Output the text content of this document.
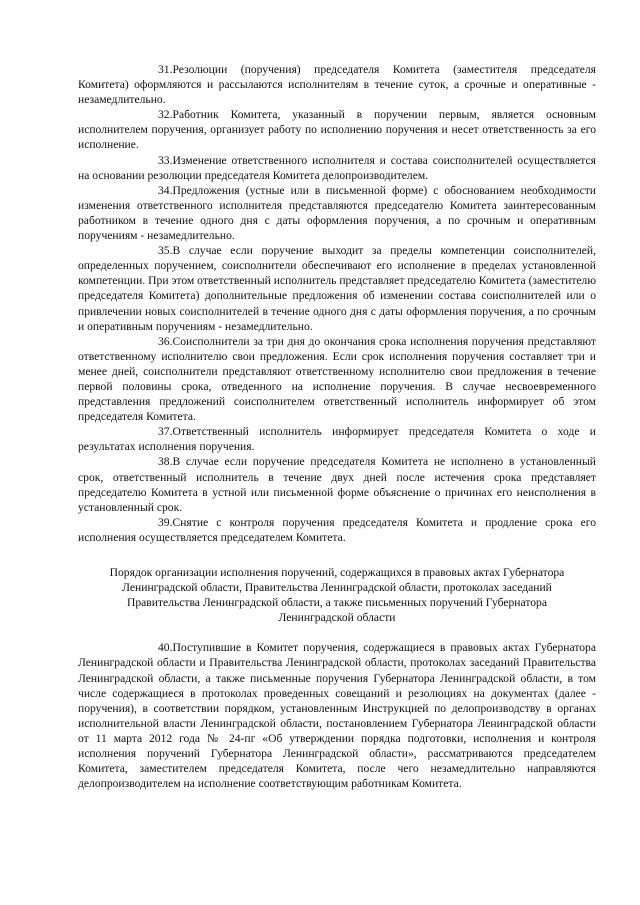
31.Резолюции (поручения) председателя Комитета (заместителя председателя Комитета) оформляются и рассылаются исполнителям в течение суток, а срочные и оперативные - незамедлительно.

32.Работник Комитета, указанный в поручении первым, является основным исполнителем поручения, организует работу по исполнению поручения и несет ответственность за его исполнение.

33.Изменение ответственного исполнителя и состава соисполнителей осуществляется на основании резолюции председателя Комитета делопроизводителем.

34.Предложения (устные или в письменной форме) с обоснованием необходимости изменения ответственного исполнителя представляются председателю Комитета заинтересованным работником в течение одного дня с даты оформления поручения, а по срочным и оперативным поручениям - незамедлительно.

35.В случае если поручение выходит за пределы компетенции соисполнителей, определенных поручением, соисполнители обеспечивают его исполнение в пределах установленной компетенции. При этом ответственный исполнитель представляет председателю Комитета (заместителю председателя Комитета) дополнительные предложения об изменении состава соисполнителей или о привлечении новых соисполнителей в течение одного дня с даты оформления поручения, а по срочным и оперативным поручениям - незамедлительно.

36.Соисполнители за три дня до окончания срока исполнения поручения представляют ответственному исполнителю свои предложения. Если срок исполнения поручения составляет три и менее дней, соисполнители представляют ответственному исполнителю свои предложения в течение первой половины срока, отведенного на исполнение поручения. В случае несвоевременного представления предложений соисполнителем ответственный исполнитель информирует об этом председателя Комитета.

37.Ответственный исполнитель информирует председателя Комитета о ходе и результатах исполнения поручения.

38.В случае если поручение председателя Комитета не исполнено в установленный срок, ответственный исполнитель в течение двух дней после истечения срока представляет председателю Комитета в устной или письменной форме объяснение о причинах его неисполнения в установленный срок.

39.Снятие с контроля поручения председателя Комитета и продление срока его исполнения осуществляется председателем Комитета.

Порядок организации исполнения поручений, содержащихся в правовых актах Губернатора Ленинградской области, Правительства Ленинградской области, протоколах заседаний Правительства Ленинградской области, а также письменных поручений Губернатора Ленинградской области

40.Поступившие в Комитет поручения, содержащиеся в правовых актах Губернатора Ленинградской области и Правительства Ленинградской области, протоколах заседаний Правительства Ленинградской области, а также письменные поручения Губернатора Ленинградской области, в том числе содержащиеся в протоколах проведенных совещаний и резолюциях на документах (далее - поручения), в соответствии порядком, установленным Инструкцией по делопроизводству в органах исполнительной власти Ленинградской области, постановлением Губернатора Ленинградской области от 11 марта 2012 года № 24-пг «Об утверждении порядка подготовки, исполнения и контроля исполнения поручений Губернатора Ленинградской области», рассматриваются председателем Комитета, заместителем председателя Комитета, после чего незамедлительно направляются делопроизводителем на исполнение соответствующим работникам Комитета.
